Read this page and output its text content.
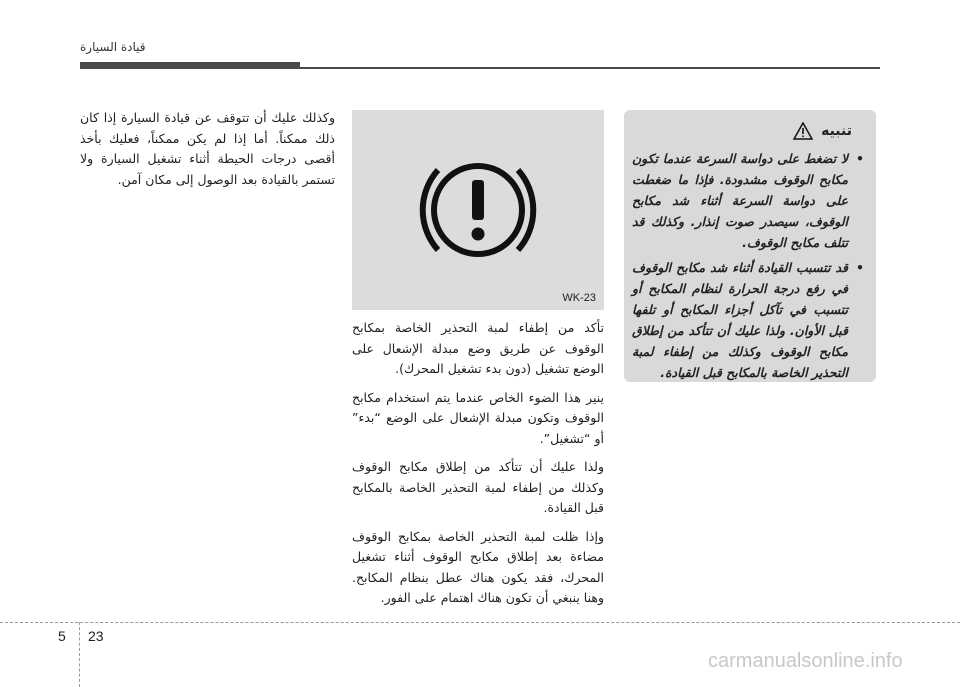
قيادة السيارة

وكذلك عليك أن تتوقف عن قيادة السيارة إذا كان ذلك ممكناً. أما إذا لم يكن ممكناً، فعليك بأخذ أقصى درجات الحيطة أثناء تشغيل السيارة ولا تستمر بالقيادة بعد الوصول إلى مكان آمن.

WK-23

تأكد من إطفاء لمبة التحذير الخاصة بمكابح الوقوف عن طريق وضع مبدلة الإشعال على الوضع تشغيل (دون بدء تشغيل المحرك).

ينير هذا الضوء الخاص عندما يتم استخدام مكابح الوقوف وتكون مبدلة الإشعال على الوضع “بدء” أو “تشغيل”.

ولذا عليك أن تتأكد من إطلاق مكابح الوقوف وكذلك من إطفاء لمبة التحذير الخاصة بالمكابح قبل القيادة.

وإذا ظلت لمبة التحذير الخاصة بمكابح الوقوف مضاءة بعد إطلاق مكابح الوقوف أثناء تشغيل المحرك، فقد يكون هناك عطل بنظام المكابح. وهنا ينبغي أن تكون هناك اهتمام على الفور.

تنبيه
•
لا تضغط على دواسة السرعة عندما تكون مكابح الوقوف مشدودة. فإذا ما ضغطت على دواسة السرعة أثناء شد مكابح الوقوف، سيصدر صوت إنذار. وكذلك قد تتلف مكابح الوقوف.
•
قد تتسبب القيادة أثناء شد مكابح الوقوف في رفع درجة الحرارة لنظام المكابح أو تتسبب في تآكل أجزاء المكابح أو تلفها قبل الأوان. ولذا عليك أن تتأكد من إطلاق مكابح الوقوف وكذلك من إطفاء لمبة التحذير الخاصة بالمكابح قبل القيادة.
5 23
carmanualsonline.info
